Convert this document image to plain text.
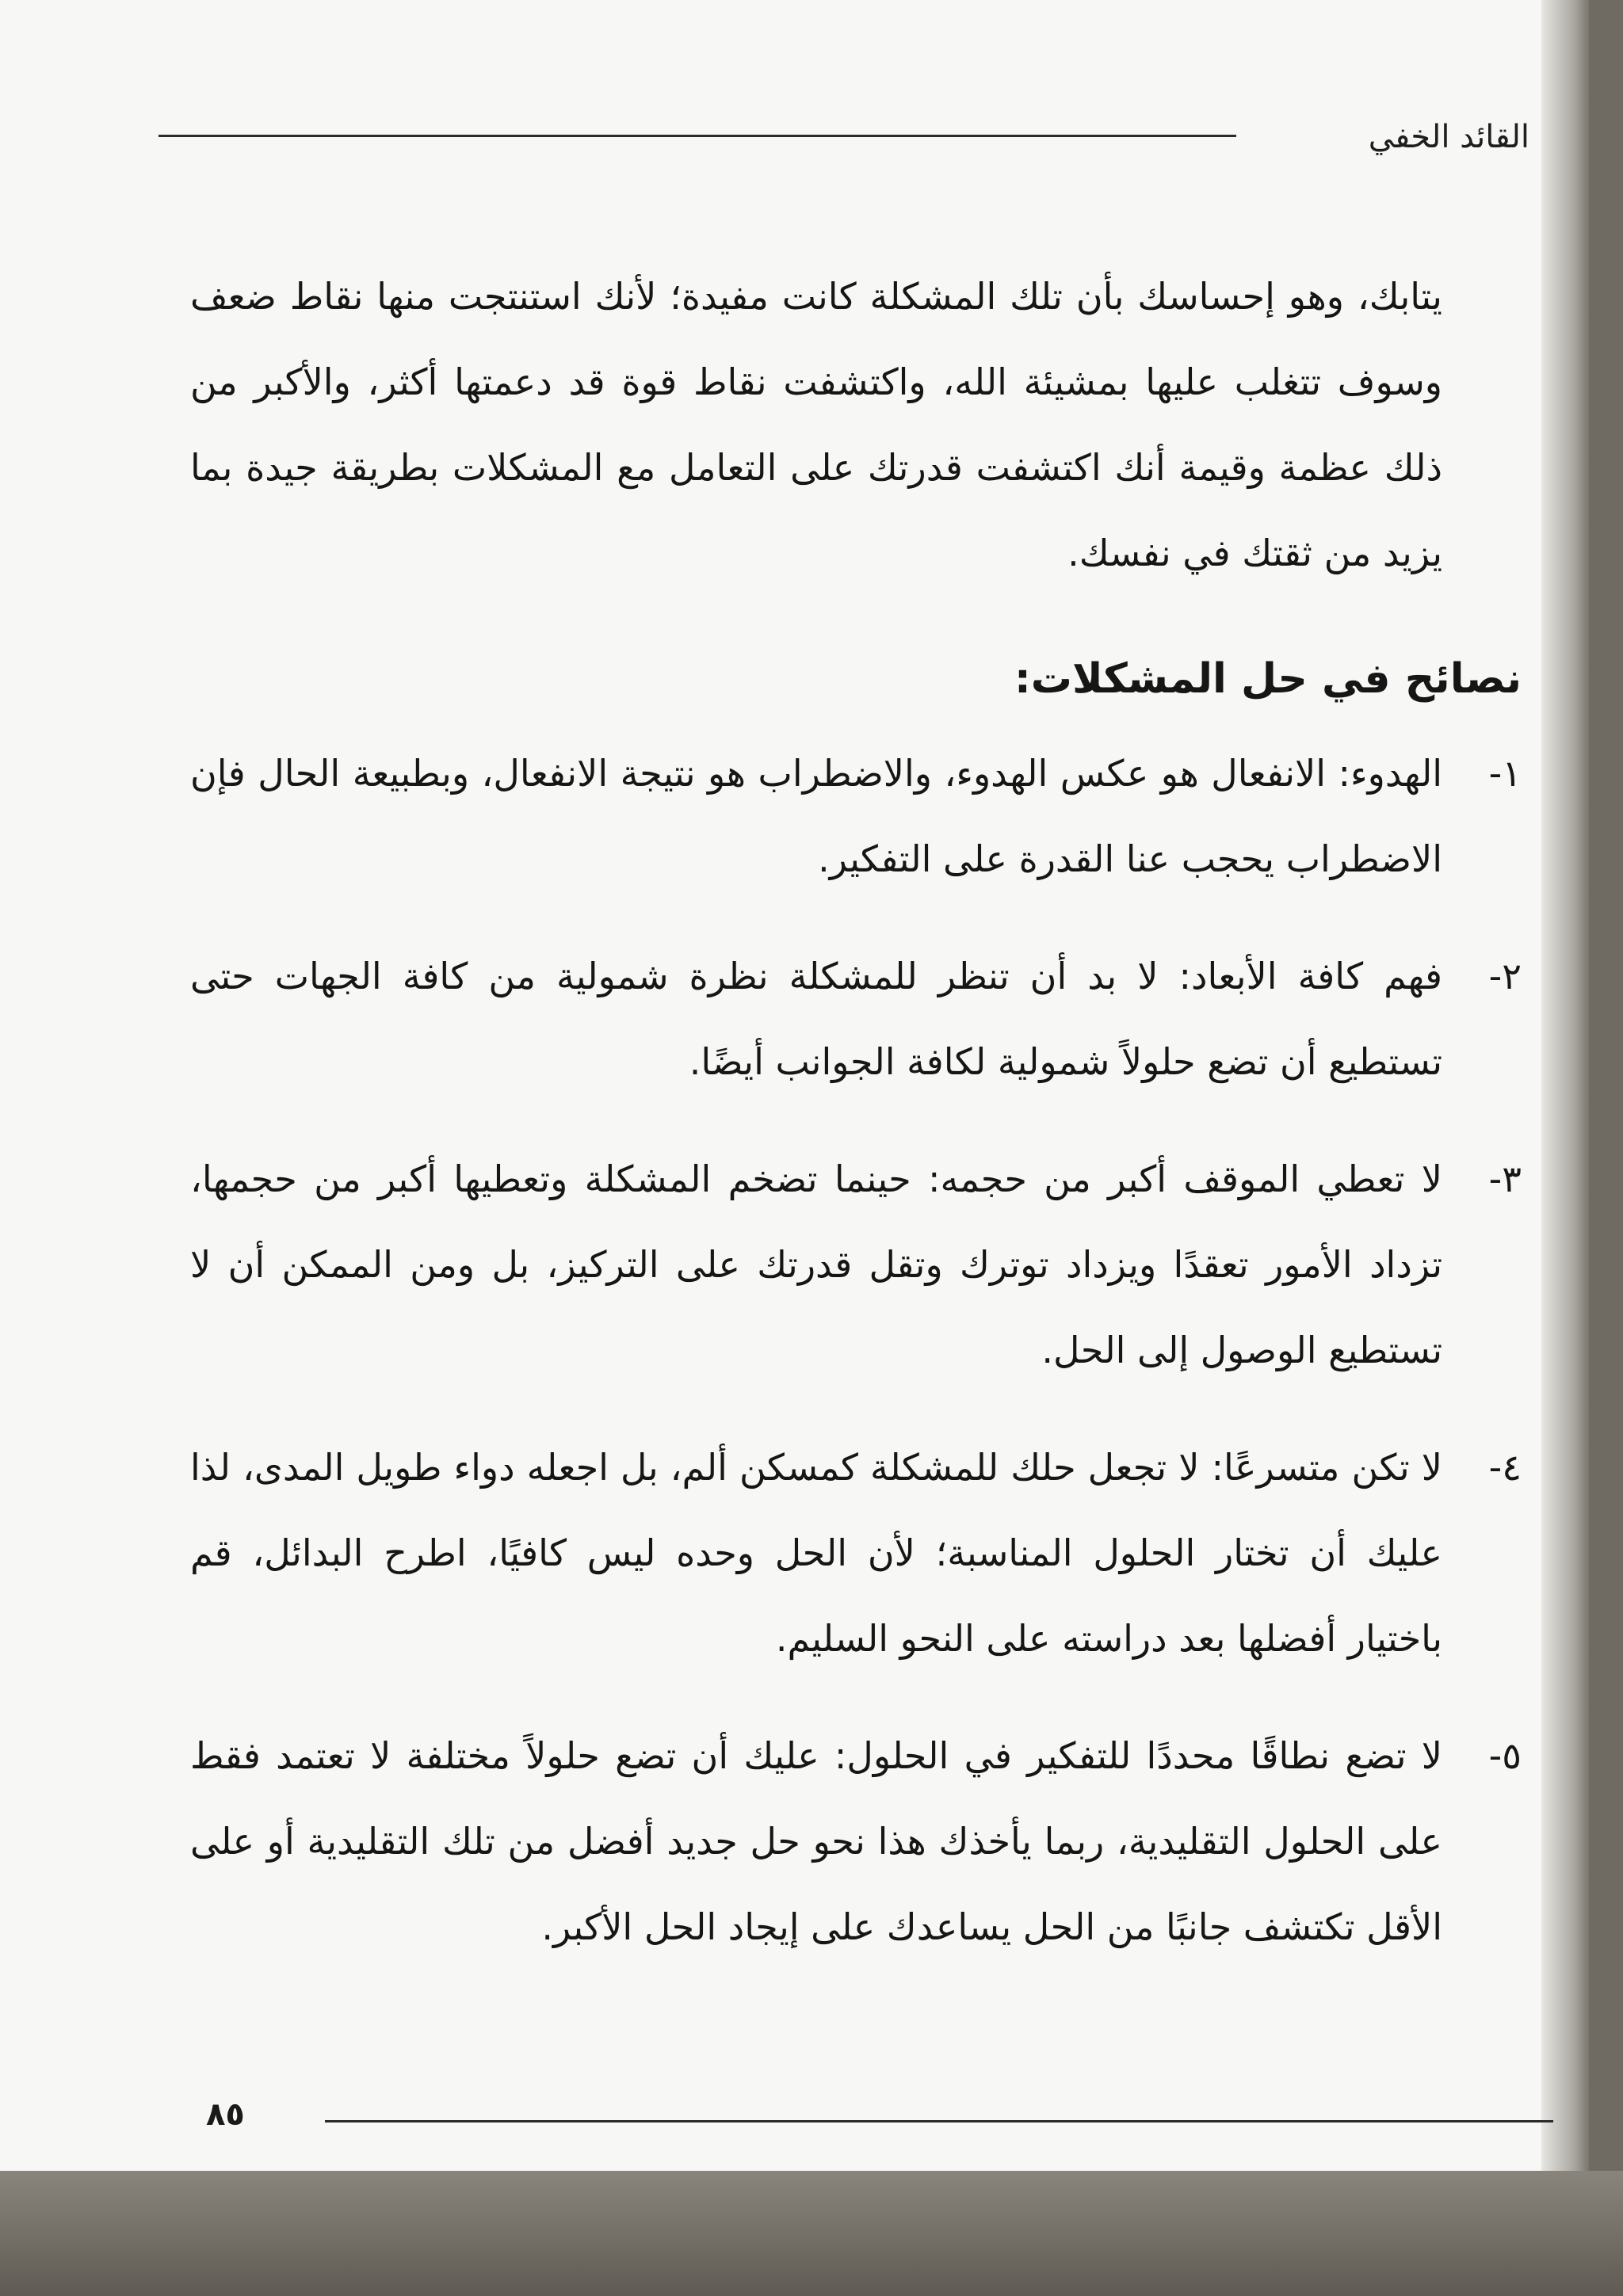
القائد الخفي

يتابك، وهو إحساسك بأن تلك المشكلة كانت مفيدة؛ لأنك استنتجت منها نقاط ضعف وسوف تتغلب عليها بمشيئة الله، واكتشفت نقاط قوة قد دعمتها أكثر، والأكبر من ذلك عظمة وقيمة أنك اكتشفت قدرتك على التعامل مع المشكلات بطريقة جيدة بما يزيد من ثقتك في نفسك.

نصائح في حل المشكلات:
١-
الهدوء: الانفعال هو عكس الهدوء، والاضطراب هو نتيجة الانفعال، وبطبيعة الحال فإن الاضطراب يحجب عنا القدرة على التفكير.
٢-
فهم كافة الأبعاد: لا بد أن تنظر للمشكلة نظرة شمولية من كافة الجهات حتى تستطيع أن تضع حلولاً شمولية لكافة الجوانب أيضًا.
٣-
لا تعطي الموقف أكبر من حجمه: حينما تضخم المشكلة وتعطيها أكبر من حجمها، تزداد الأمور تعقدًا ويزداد توترك وتقل قدرتك على التركيز، بل ومن الممكن أن لا تستطيع الوصول إلى الحل.
٤-
لا تكن متسرعًا: لا تجعل حلك للمشكلة كمسكن ألم، بل اجعله دواء طويل المدى، لذا عليك أن تختار الحلول المناسبة؛ لأن الحل وحده ليس كافيًا، اطرح البدائل، قم باختيار أفضلها بعد دراسته على النحو السليم.
٥-
لا تضع نطاقًا محددًا للتفكير في الحلول: عليك أن تضع حلولاً مختلفة لا تعتمد فقط على الحلول التقليدية، ربما يأخذك هذا نحو حل جديد أفضل من تلك التقليدية أو على الأقل تكتشف جانبًا من الحل يساعدك على إيجاد الحل الأكبر.
٨٥
